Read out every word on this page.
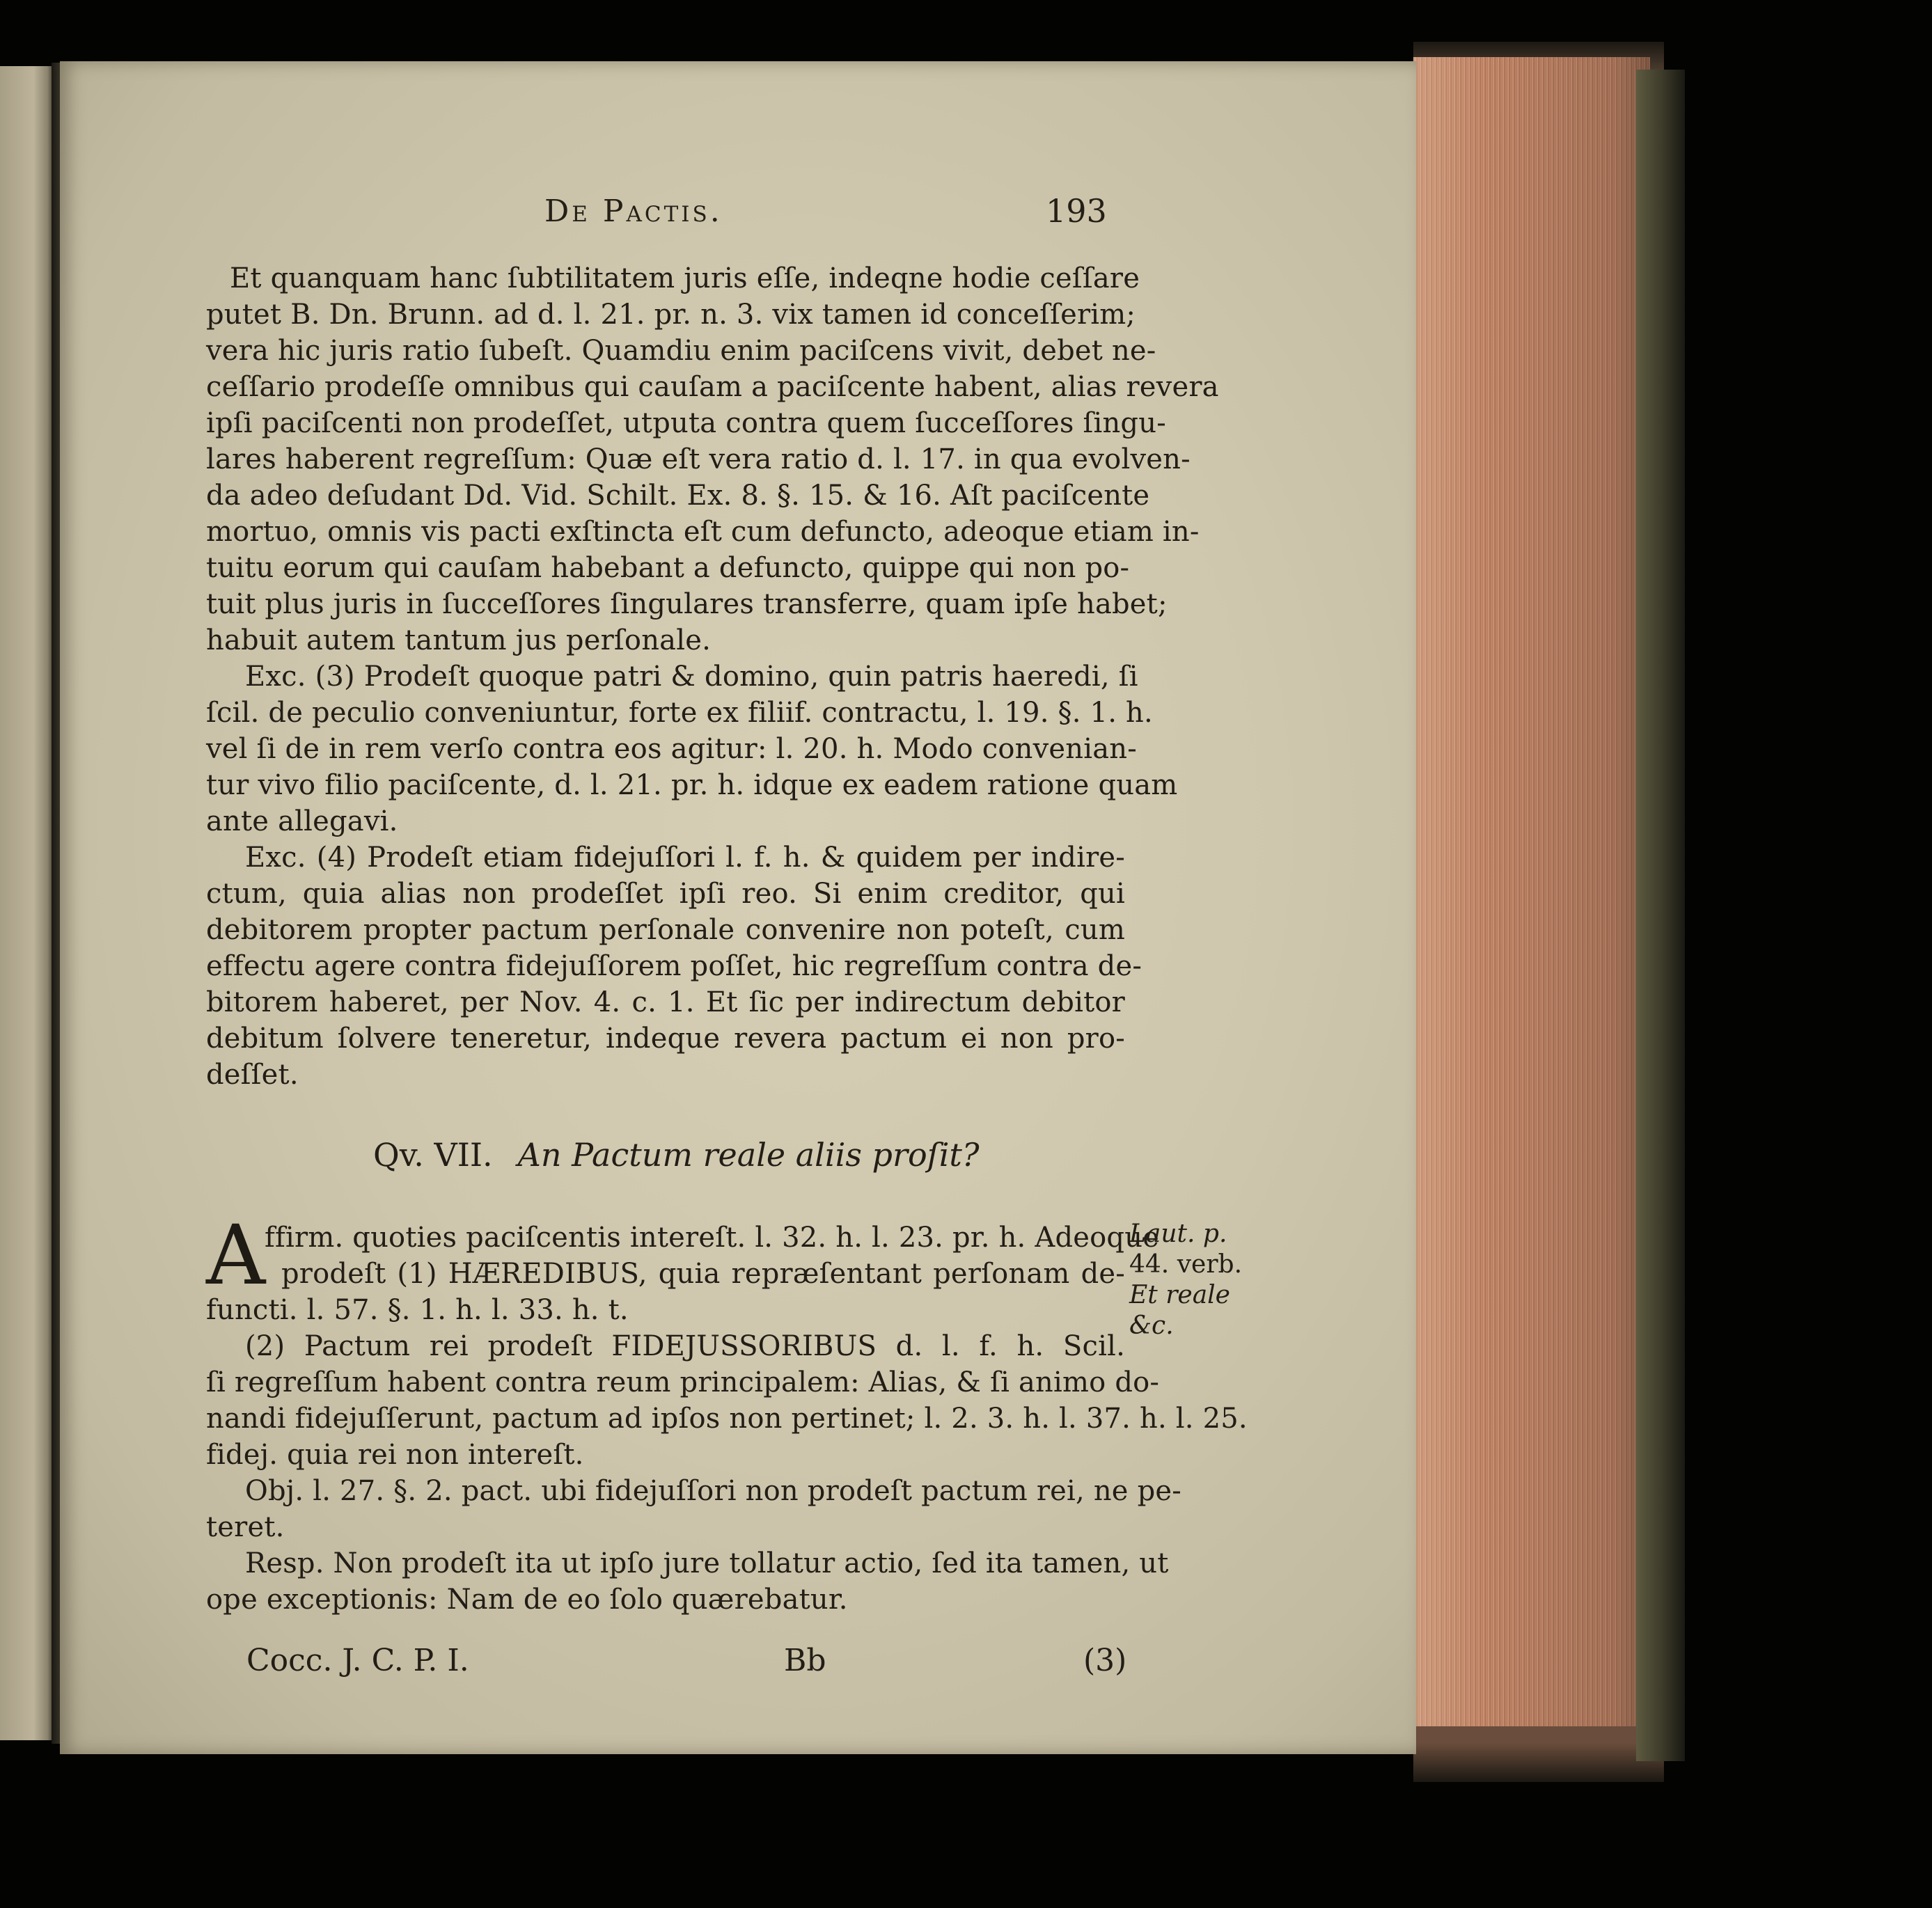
De Pactis.	193
Et quanquam hanc ſubtilitatem juris eſſe, indeqne hodie ceſſare
putet B. Dn. Brunn. ad d. l. 21. pr. n. 3. vix tamen id conceſſerim;
vera hic juris ratio ſubeſt. Quamdiu enim paciſcens vivit, debet ne-
ceſſario prodeſſe omnibus qui cauſam a paciſcente habent, alias revera
ipſi paciſcenti non prodeſſet, utputa contra quem ſucceſſores ſingu-
lares haberent regreſſum: Quæ eſt vera ratio d. l. 17. in qua evolven-
da adeo deſudant Dd. Vid. Schilt. Ex. 8. §. 15. & 16. Aſt paciſcente
mortuo, omnis vis pacti exſtincta eſt cum defuncto, adeoque etiam in-
tuitu eorum qui cauſam habebant a defuncto, quippe qui non po-
tuit plus juris in ſucceſſores ſingulares transferre, quam ipſe habet;
habuit autem tantum jus perſonale.
Exc. (3) Prodeſt quoque patri & domino, quin patris haeredi, ſi
ſcil. de peculio conveniuntur, forte ex filiif. contractu, l. 19. §. 1. h.
vel ſi de in rem verſo contra eos agitur: l. 20. h. Modo convenian-
tur vivo filio paciſcente, d. l. 21. pr. h. idque ex eadem ratione quam
ante allegavi.
Exc. (4) Prodeſt etiam fidejuſſori l. f. h. & quidem per indire-
ctum, quia alias non prodeſſet ipſi reo. Si enim creditor, qui
debitorem propter pactum perſonale convenire non poteſt, cum
effectu agere contra fidejuſſorem poſſet, hic regreſſum contra de-
bitorem haberet, per Nov. 4. c. 1. Et ſic per indirectum debitor
debitum ſolvere teneretur, indeque revera pactum ei non pro-
deſſet.
Qv. VII. An Pactum reale aliis proſit?
A
ffirm. quoties paciſcentis intereſt. l. 32. h. l. 23. pr. h. Adeoque
prodeſt (1) HÆREDIBUS, quia repræſentant perſonam de-
functi. l. 57. §. 1. h. l. 33. h. t.
Laut. p.
44. verb.
Et reale
&c.
(2) Pactum rei prodeſt FIDEJUSSORIBUS d. l. f. h. Scil.
ſi regreſſum habent contra reum principalem: Alias, & ſi animo do-
nandi fidejuſſerunt, pactum ad ipſos non pertinet; l. 2. 3. h. l. 37. h. l. 25.
fidej. quia rei non intereſt.
Obj. l. 27. §. 2. pact. ubi fidejuſſori non prodeſt pactum rei, ne pe-
teret.
Resp. Non prodeſt ita ut ipſo jure tollatur actio, ſed ita tamen, ut
ope exceptionis: Nam de eo ſolo quærebatur.
Cocc. J. C. P. I.	Bb	(3)
